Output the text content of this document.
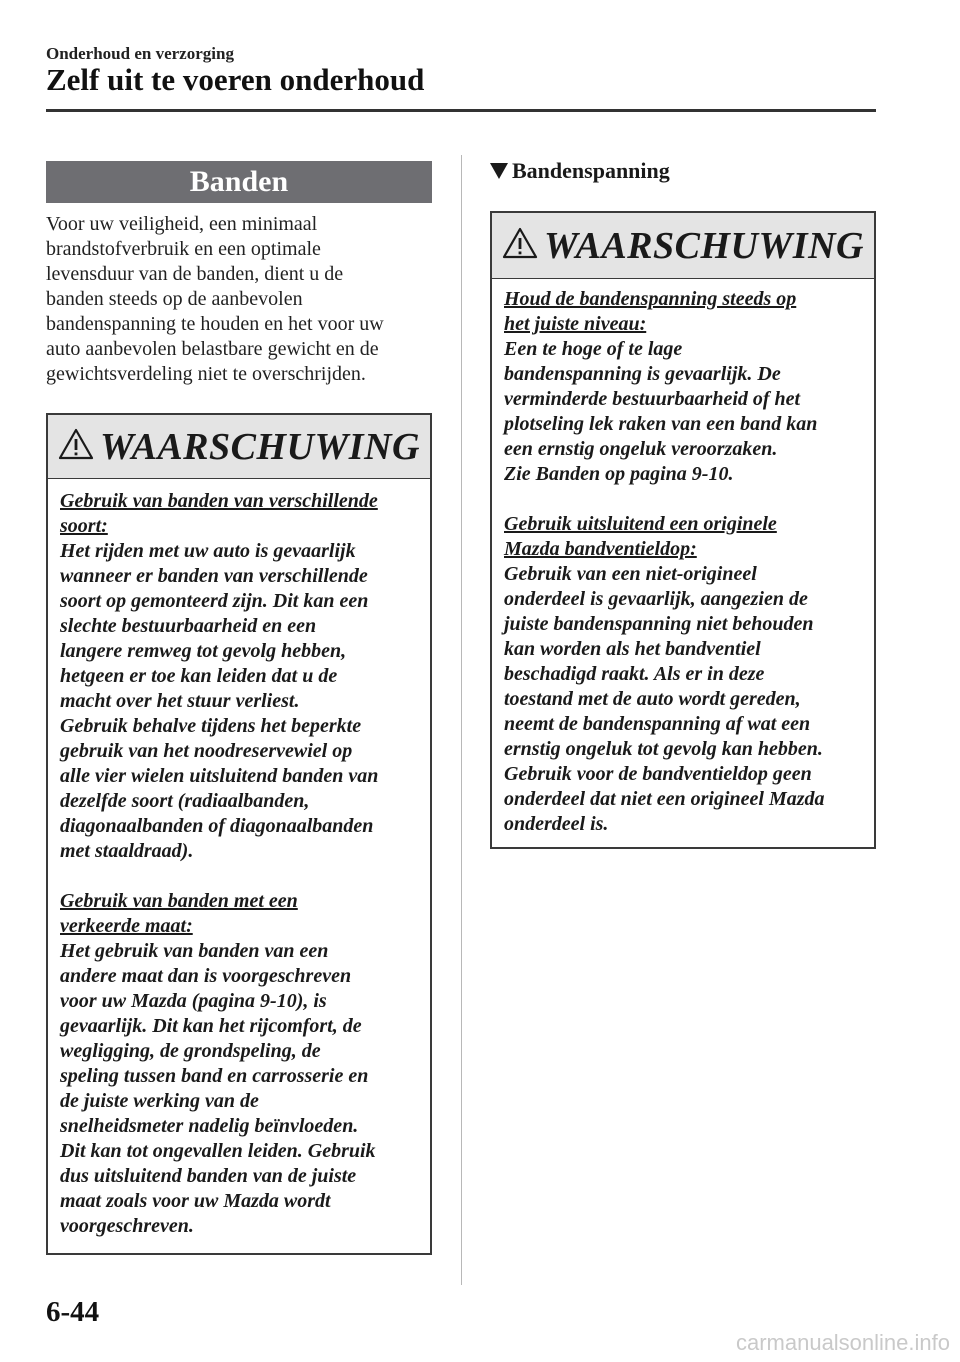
Onderhoud en verzorging
Zelf uit te voeren onderhoud
Banden
Voor uw veiligheid, een minimaal
brandstofverbruik en een optimale
levensduur van de banden, dient u de
banden steeds op de aanbevolen
bandenspanning te houden en het voor uw
auto aanbevolen belastbare gewicht en de
gewichtsverdeling niet te overschrijden.
WAARSCHUWING
Gebruik van banden van verschillende
soort:
Het rijden met uw auto is gevaarlijk
wanneer er banden van verschillende
soort op gemonteerd zijn. Dit kan een
slechte bestuurbaarheid en een
langere remweg tot gevolg hebben,
hetgeen er toe kan leiden dat u de
macht over het stuur verliest.
Gebruik behalve tijdens het beperkte
gebruik van het noodreservewiel op
alle vier wielen uitsluitend banden van
dezelfde soort (radiaalbanden,
diagonaalbanden of diagonaalbanden
met staaldraad).
Gebruik van banden met een
verkeerde maat:
Het gebruik van banden van een
andere maat dan is voorgeschreven
voor uw Mazda (pagina 9-10), is
gevaarlijk. Dit kan het rijcomfort, de
wegligging, de grondspeling, de
speling tussen band en carrosserie en
de juiste werking van de
snelheidsmeter nadelig beïnvloeden.
Dit kan tot ongevallen leiden. Gebruik
dus uitsluitend banden van de juiste
maat zoals voor uw Mazda wordt
voorgeschreven.
Bandenspanning
WAARSCHUWING
Houd de bandenspanning steeds op
het juiste niveau:
Een te hoge of te lage
bandenspanning is gevaarlijk. De
verminderde bestuurbaarheid of het
plotseling lek raken van een band kan
een ernstig ongeluk veroorzaken.
Zie Banden op pagina 9-10.
Gebruik uitsluitend een originele
Mazda bandventieldop:
Gebruik van een niet-origineel
onderdeel is gevaarlijk, aangezien de
juiste bandenspanning niet behouden
kan worden als het bandventiel
beschadigd raakt. Als er in deze
toestand met de auto wordt gereden,
neemt de bandenspanning af wat een
ernstig ongeluk tot gevolg kan hebben.
Gebruik voor de bandventieldop geen
onderdeel dat niet een origineel Mazda
onderdeel is.
6-44
carmanualsonline.info
